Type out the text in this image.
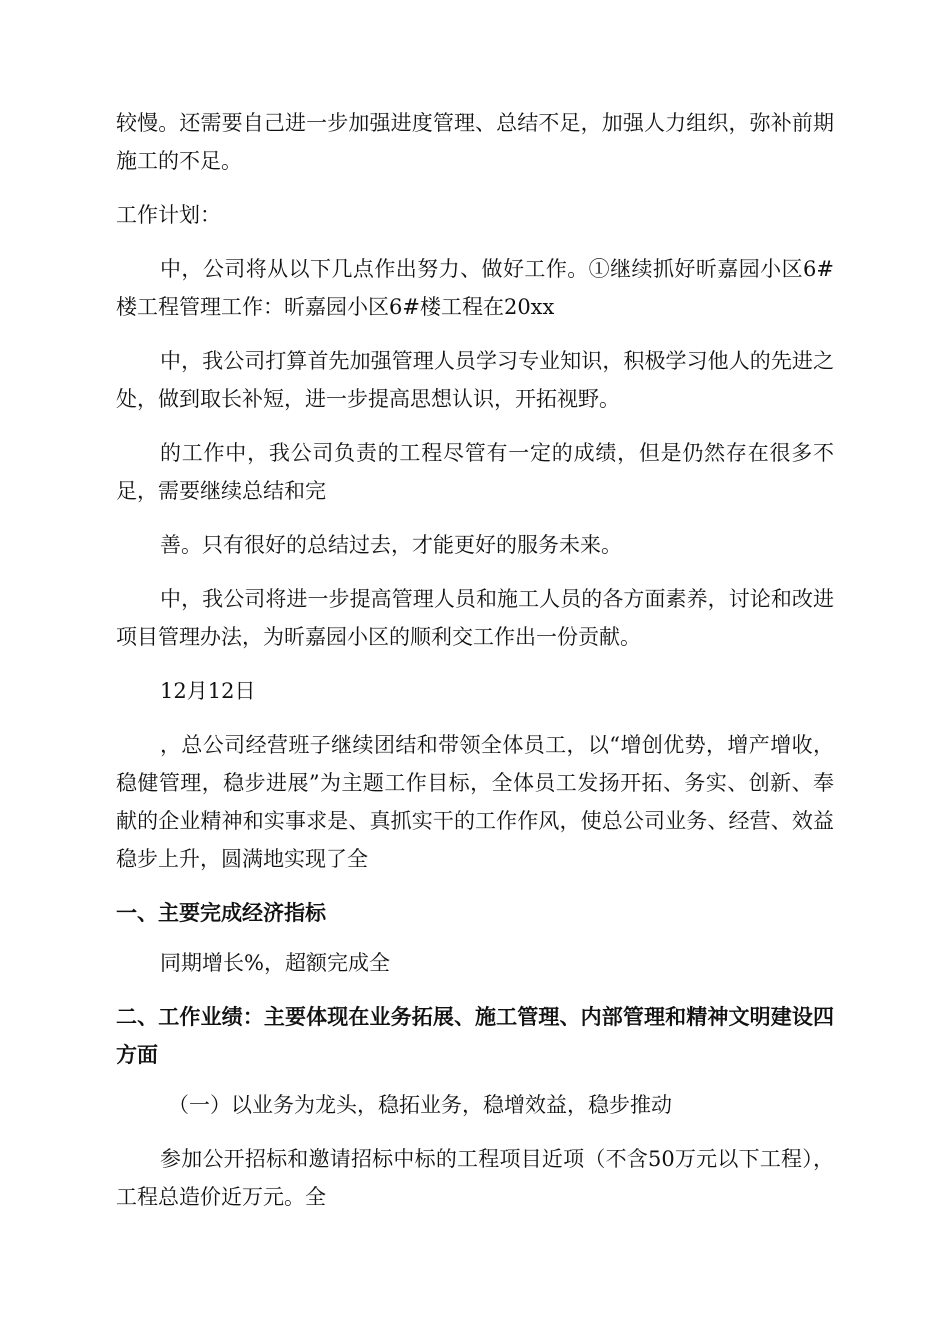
较慢。还需要自己进一步加强进度管理、总结不足，加强人力组织，弥补前期施工的不足。

工作计划：

中，公司将从以下几点作出努力、做好工作。①继续抓好昕嘉园小区6#楼工程管理工作：昕嘉园小区6#楼工程在20xx

中，我公司打算首先加强管理人员学习专业知识，积极学习他人的先进之处，做到取长补短，进一步提高思想认识，开拓视野。

的工作中，我公司负责的工程尽管有一定的成绩，但是仍然存在很多不足，需要继续总结和完

善。只有很好的总结过去，才能更好的服务未来。

中，我公司将进一步提高管理人员和施工人员的各方面素养，讨论和改进项目管理办法，为昕嘉园小区的顺利交工作出一份贡献。

12月12日

，总公司经营班子继续团结和带领全体员工，以“增创优势，增产增收，稳健管理，稳步进展”为主题工作目标，全体员工发扬开拓、务实、创新、奉献的企业精神和实事求是、真抓实干的工作作风，使总公司业务、经营、效益稳步上升，圆满地实现了全

一、主要完成经济指标

同期增长%，超额完成全

二、工作业绩：主要体现在业务拓展、施工管理、内部管理和精神文明建设四方面

（一）以业务为龙头，稳拓业务，稳增效益，稳步推动

参加公开招标和邀请招标中标的工程项目近项（不含50万元以下工程），工程总造价近万元。全
